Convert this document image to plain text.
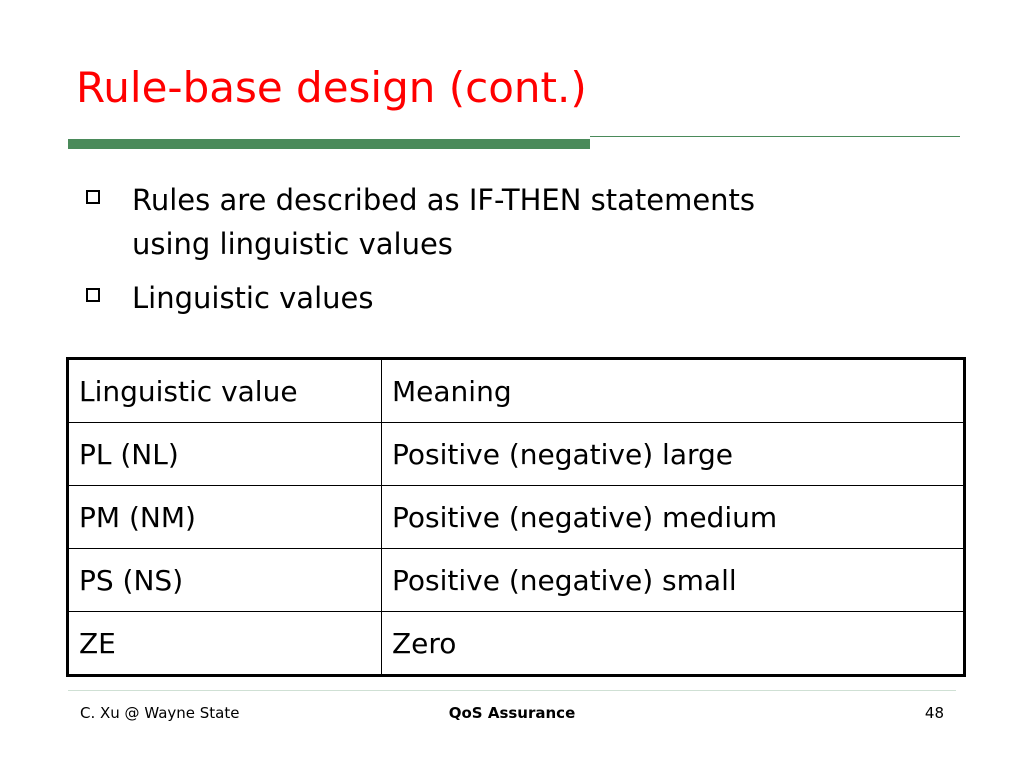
Rule-base design (cont.)
Rules are described as IF-THEN statements
using linguistic values
Linguistic values
Linguistic value	Meaning
PL (NL)	Positive (negative) large
PM (NM)	Positive (negative) medium
PS (NS)	Positive (negative) small
ZE	Zero
C. Xu @ Wayne State	QoS Assurance	48
